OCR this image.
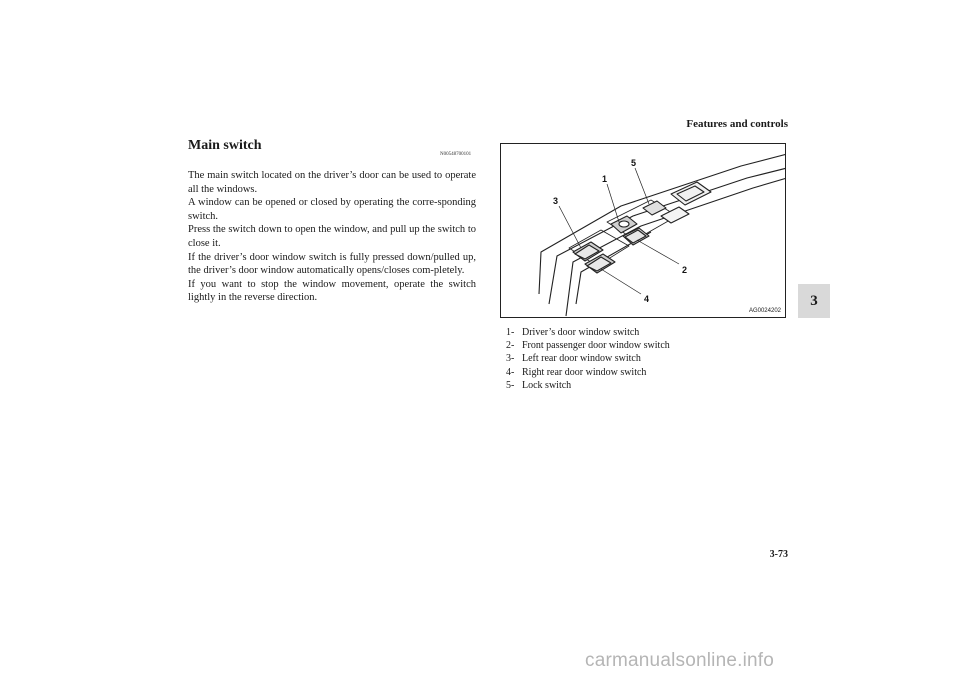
Features and controls
3
Main switch
N00548700101

The main switch located on the driver’s door can be used to operate all the windows.

A window can be opened or closed by operating the corre-sponding switch.

Press the switch down to open the window, and pull up the switch to close it.

If the driver’s door window switch is fully pressed down/pulled up, the driver’s door window automatically opens/closes com-pletely.

If you want to stop the window movement, operate the switch lightly in the reverse direction.

1
2
3
4
5
AG0024202
1- Driver’s door window switch
2- Front passenger door window switch
3- Left rear door window switch
4- Right rear door window switch
5- Lock switch
3-73
carmanualsonline.info
